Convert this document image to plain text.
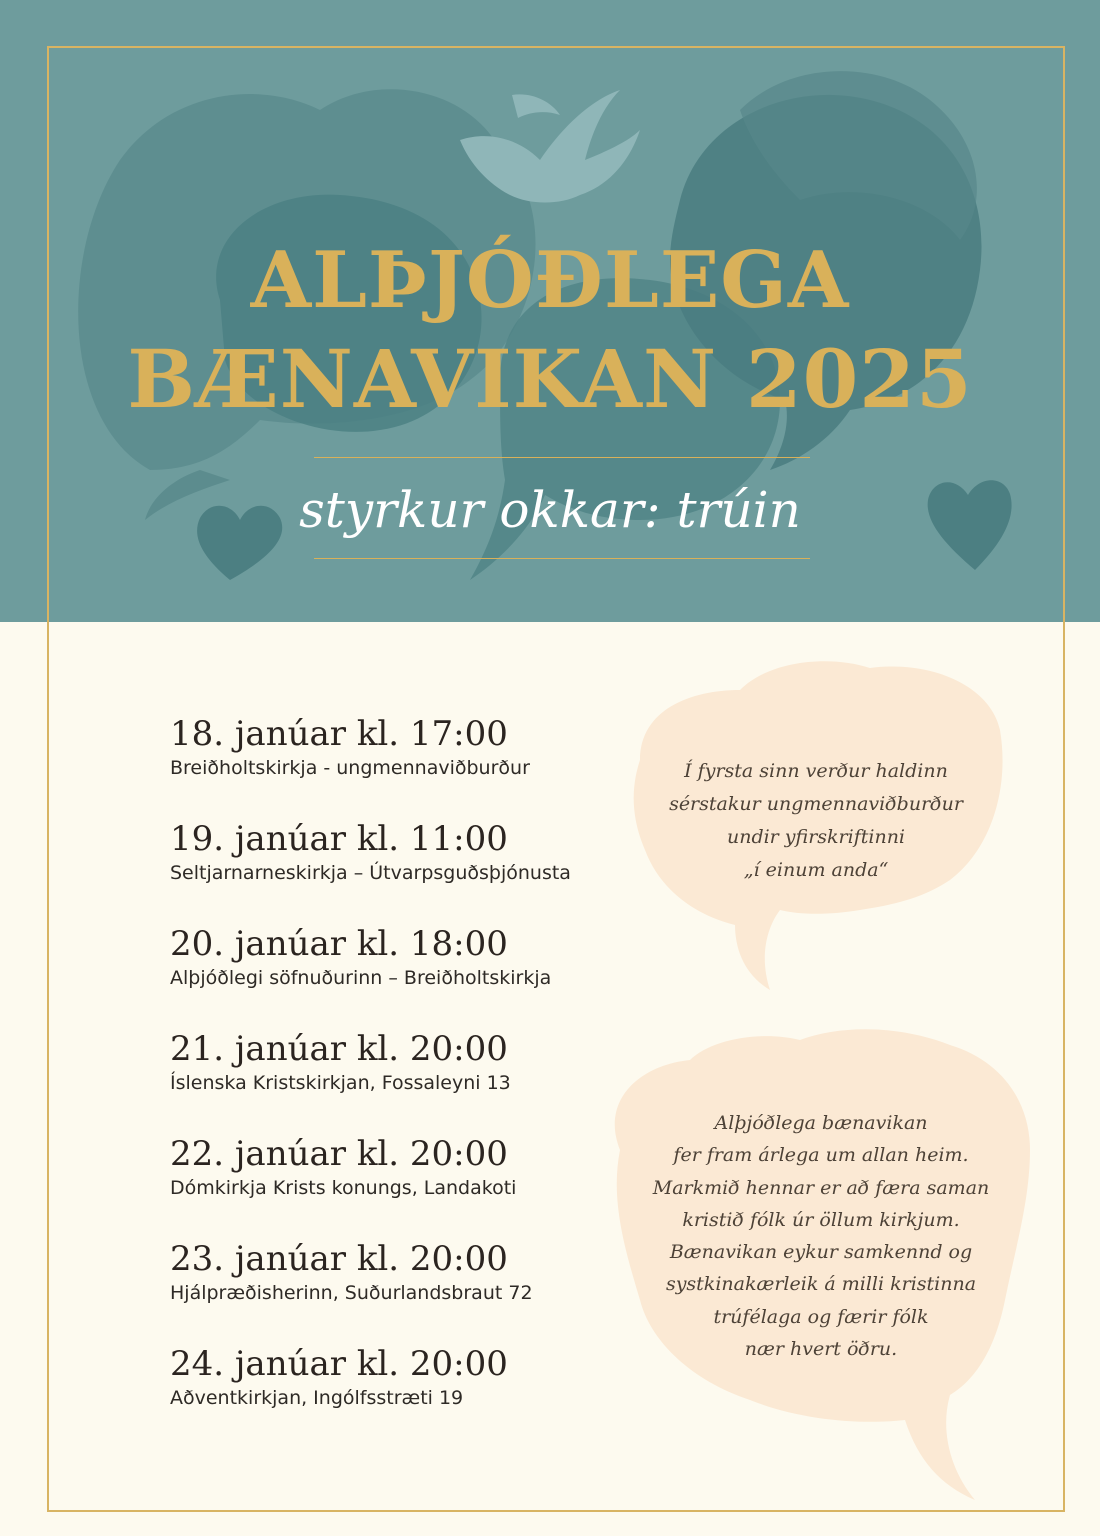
ALÞJÓÐLEGA
BÆNAVIKAN 2025
styrkur okkar: trúin
18. janúar kl. 17:00
Breiðholtskirkja - ungmennaviðburður
19. janúar kl. 11:00
Seltjarnarneskirkja – Útvarpsguðsþjónusta
20. janúar kl. 18:00
Alþjóðlegi söfnuðurinn – Breiðholtskirkja
21. janúar kl. 20:00
Íslenska Kristskirkjan, Fossaleyni 13
22. janúar kl. 20:00
Dómkirkja Krists konungs, Landakoti
23. janúar kl. 20:00
Hjálpræðisherinn, Suðurlandsbraut 72
24. janúar kl. 20:00
Aðventkirkjan, Ingólfsstræti 19

Í fyrsta sinn verður haldinn

sérstakur ungmennaviðburður

undir yfirskriftinni

„í einum anda“

Alþjóðlega bænavikan

fer fram árlega um allan heim.

Markmið hennar er að færa saman

kristið fólk úr öllum kirkjum.

Bænavikan eykur samkennd og

systkinakærleik á milli kristinna

trúfélaga og færir fólk

nær hvert öðru.
